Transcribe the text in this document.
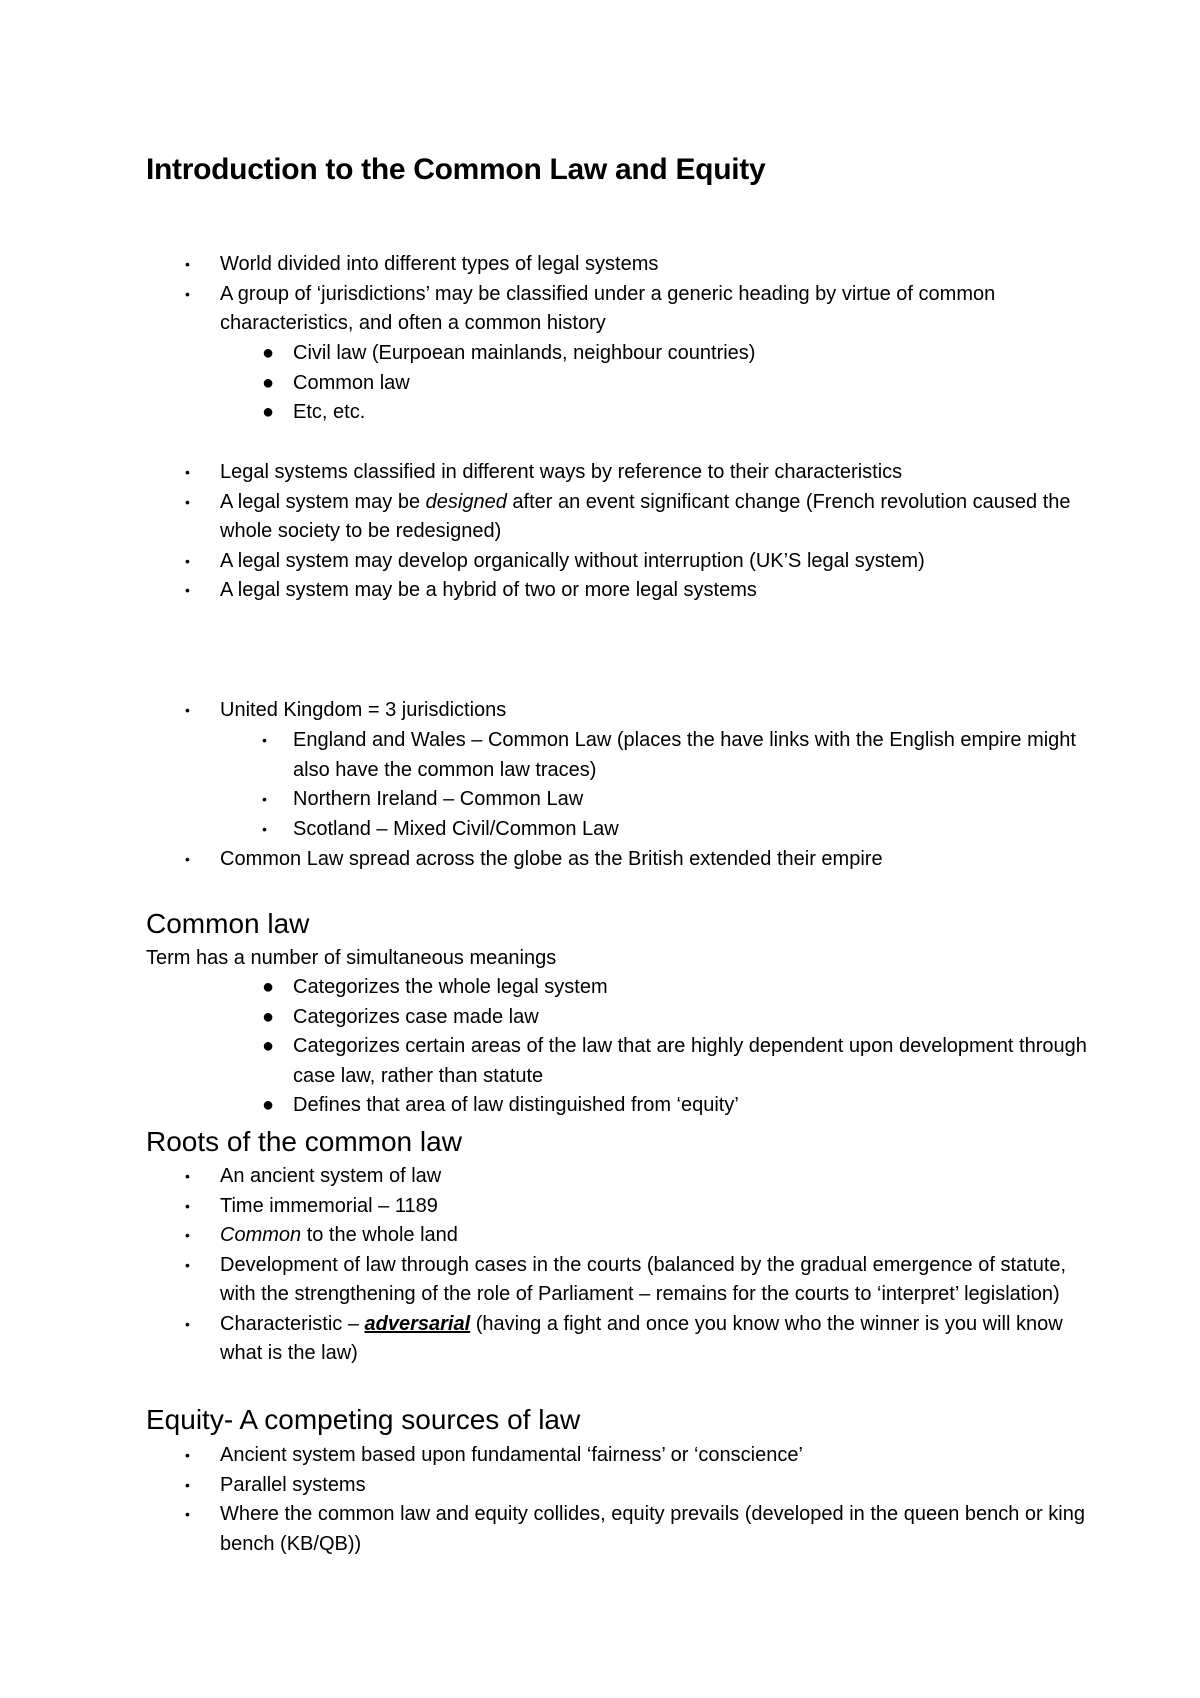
Introduction to the Common Law and Equity
• World divided into different types of legal systems
• A group of ‘jurisdictions’ may be classified under a generic heading by virtue of common characteristics, and often a common history
● Civil law (Eurpoean mainlands, neighbour countries)
● Common law
● Etc, etc.
• Legal systems classified in different ways by reference to their characteristics
• A legal system may be designed after an event significant change (French revolution caused the whole society to be redesigned)
• A legal system may develop organically without interruption (UK’S legal system)
• A legal system may be a hybrid of two or more legal systems
• United Kingdom = 3 jurisdictions
• England and Wales – Common Law (places the have links with the English empire might also have the common law traces)
• Northern Ireland – Common Law
• Scotland – Mixed Civil/Common Law
• Common Law spread across the globe as the British extended their empire
Common law

Term has a number of simultaneous meanings

● Categorizes the whole legal system
● Categorizes case made law
● Categorizes certain areas of the law that are highly dependent upon development through case law, rather than statute
● Defines that area of law distinguished from ‘equity’
Roots of the common law
• An ancient system of law
• Time immemorial – 1189
• Common to the whole land
• Development of law through cases in the courts (balanced by the gradual emergence of statute, with the strengthening of the role of Parliament – remains for the courts to ‘interpret’ legislation)
• Characteristic – adversarial (having a fight and once you know who the winner is you will know what is the law)
Equity- A competing sources of law
• Ancient system based upon fundamental ‘fairness’ or ‘conscience’
• Parallel systems
• Where the common law and equity collides, equity prevails (developed in the queen bench or king bench (KB/QB))
